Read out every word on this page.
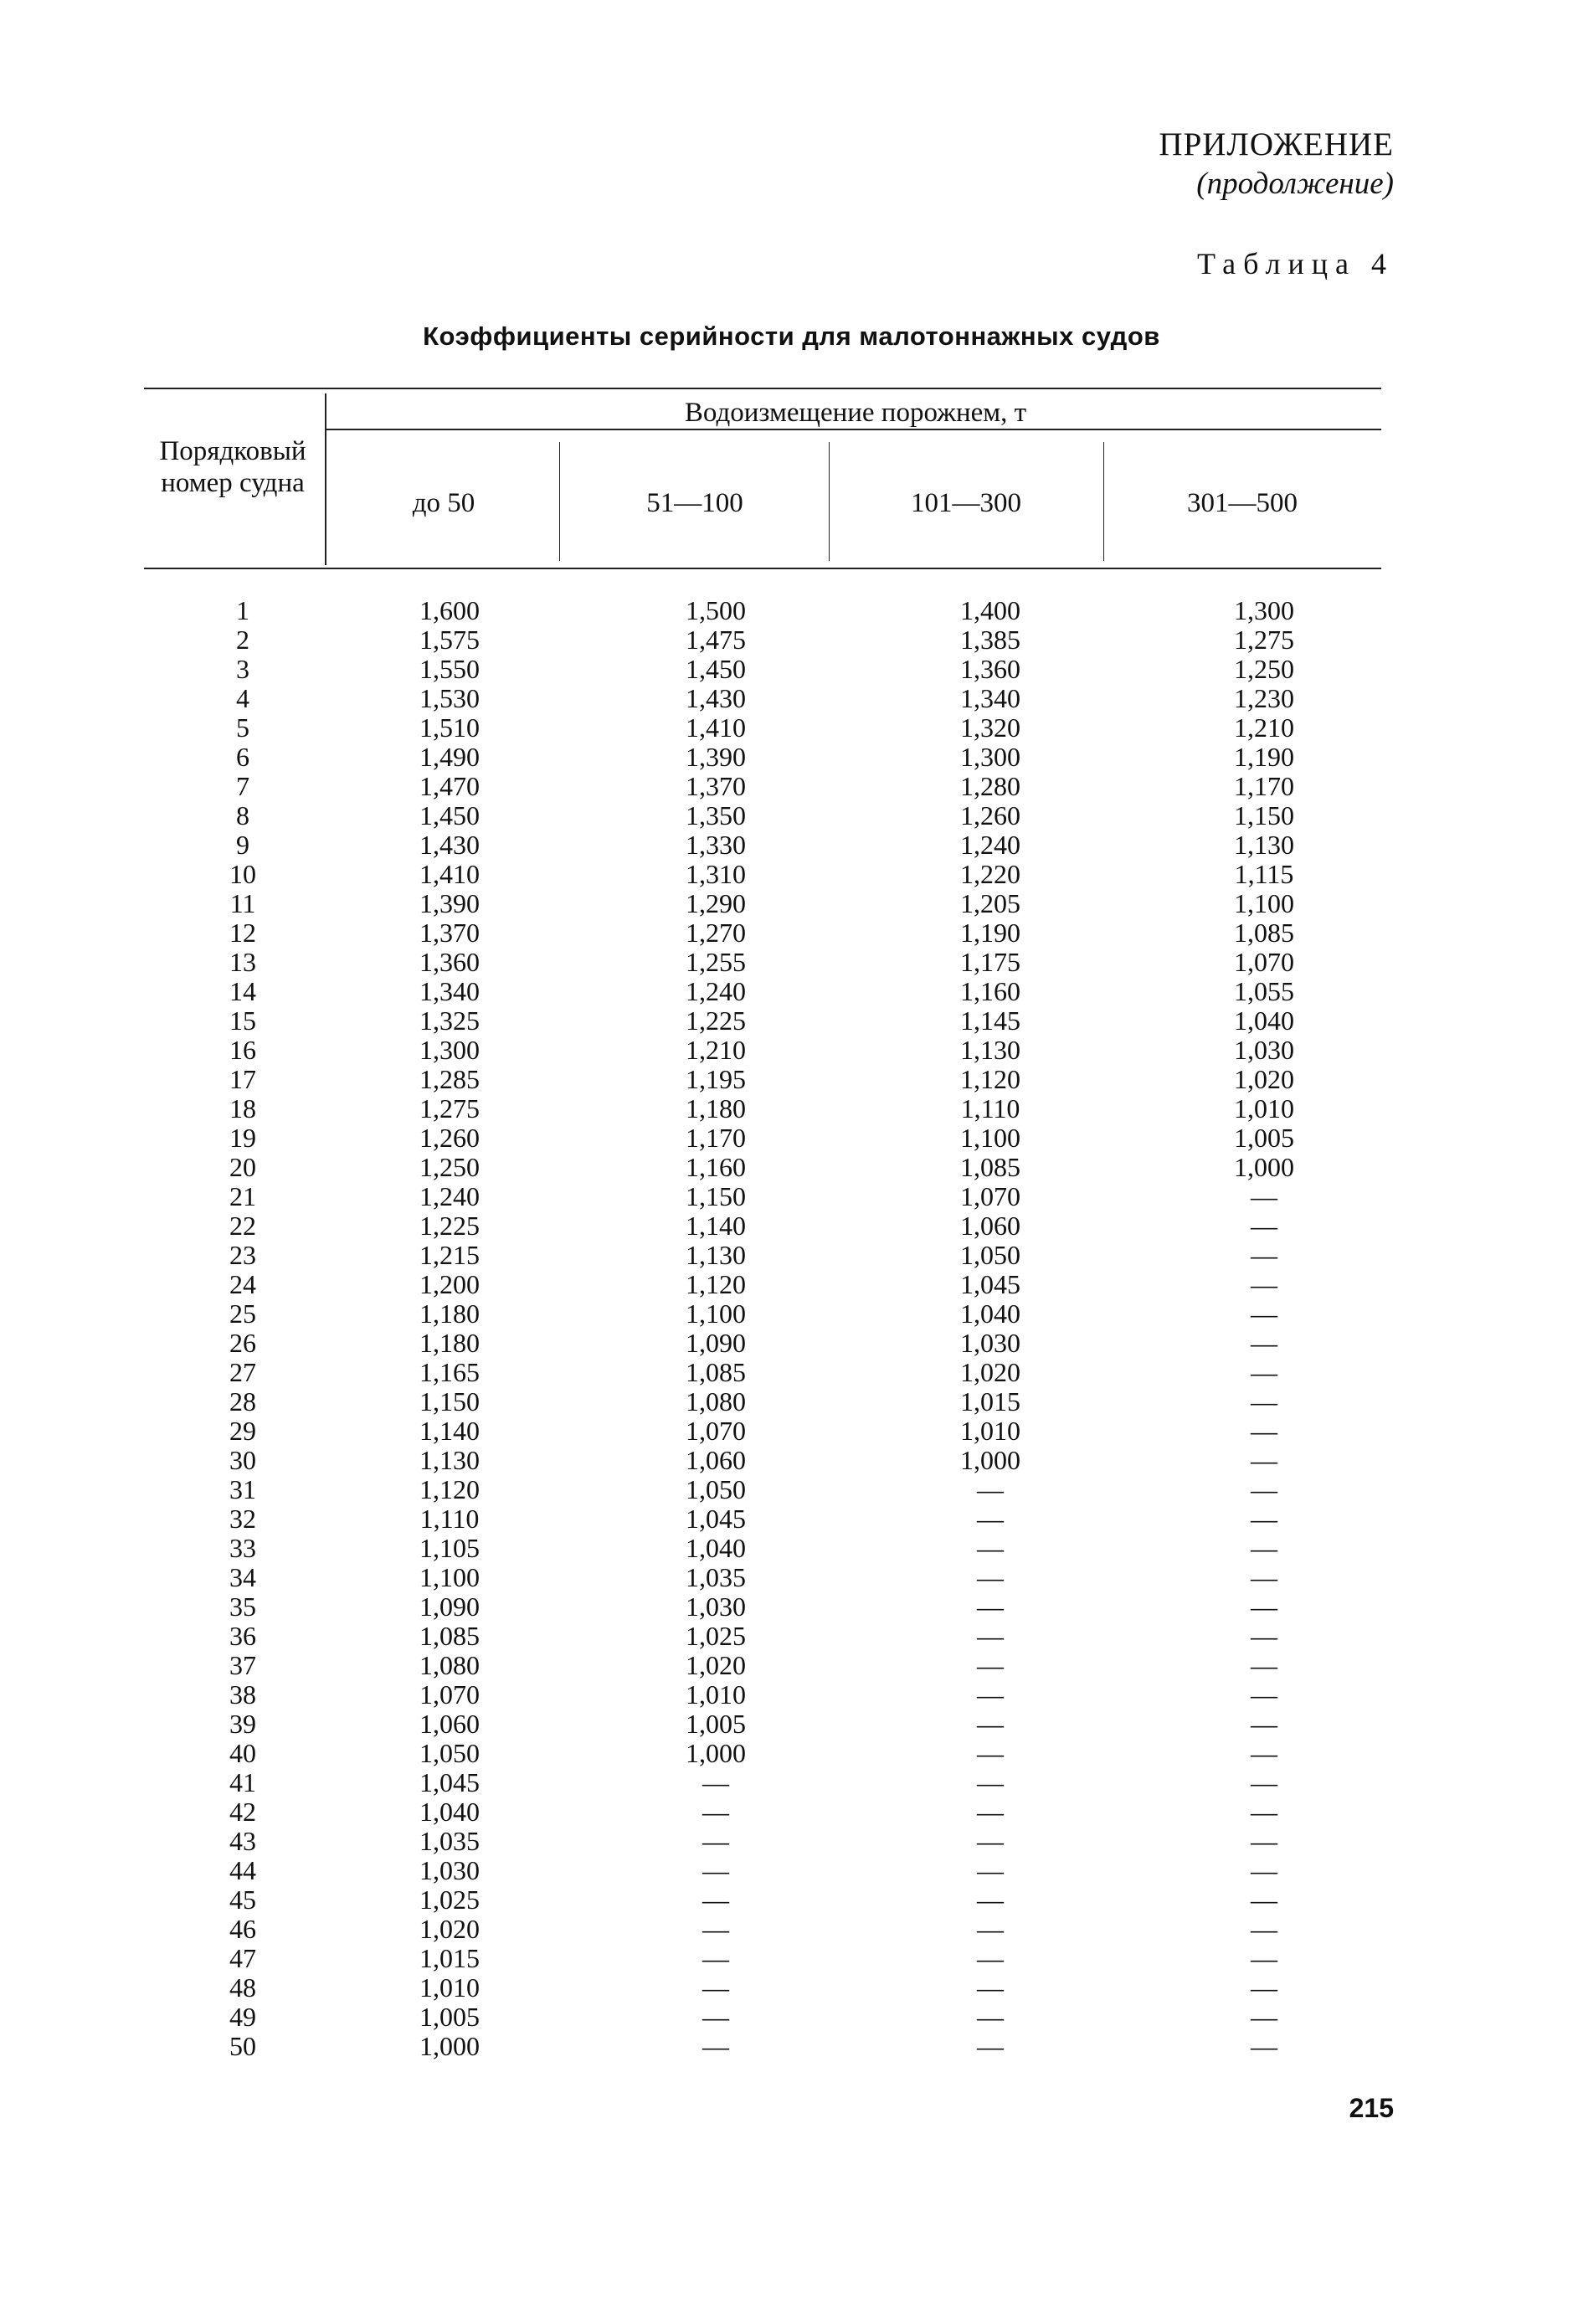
ПРИЛОЖЕНИЕ
(продолжение)
Таблица 4
Коэффициенты серийности для малотоннажных судов
Порядковый номер судна
Водоизмещение порожнем, т
до 50	51—100	101—300	301—500
1	1,600	1,500	1,400	1,300
2	1,575	1,475	1,385	1,275
3	1,550	1,450	1,360	1,250
4	1,530	1,430	1,340	1,230
5	1,510	1,410	1,320	1,210
6	1,490	1,390	1,300	1,190
7	1,470	1,370	1,280	1,170
8	1,450	1,350	1,260	1,150
9	1,430	1,330	1,240	1,130
10	1,410	1,310	1,220	1,115
11	1,390	1,290	1,205	1,100
12	1,370	1,270	1,190	1,085
13	1,360	1,255	1,175	1,070
14	1,340	1,240	1,160	1,055
15	1,325	1,225	1,145	1,040
16	1,300	1,210	1,130	1,030
17	1,285	1,195	1,120	1,020
18	1,275	1,180	1,110	1,010
19	1,260	1,170	1,100	1,005
20	1,250	1,160	1,085	1,000
21	1,240	1,150	1,070	—
22	1,225	1,140	1,060	—
23	1,215	1,130	1,050	—
24	1,200	1,120	1,045	—
25	1,180	1,100	1,040	—
26	1,180	1,090	1,030	—
27	1,165	1,085	1,020	—
28	1,150	1,080	1,015	—
29	1,140	1,070	1,010	—
30	1,130	1,060	1,000	—
31	1,120	1,050	—	—
32	1,110	1,045	—	—
33	1,105	1,040	—	—
34	1,100	1,035	—	—
35	1,090	1,030	—	—
36	1,085	1,025	—	—
37	1,080	1,020	—	—
38	1,070	1,010	—	—
39	1,060	1,005	—	—
40	1,050	1,000	—	—
41	1,045	—	—	—
42	1,040	—	—	—
43	1,035	—	—	—
44	1,030	—	—	—
45	1,025	—	—	—
46	1,020	—	—	—
47	1,015	—	—	—
48	1,010	—	—	—
49	1,005	—	—	—
50	1,000	—	—	—
215
